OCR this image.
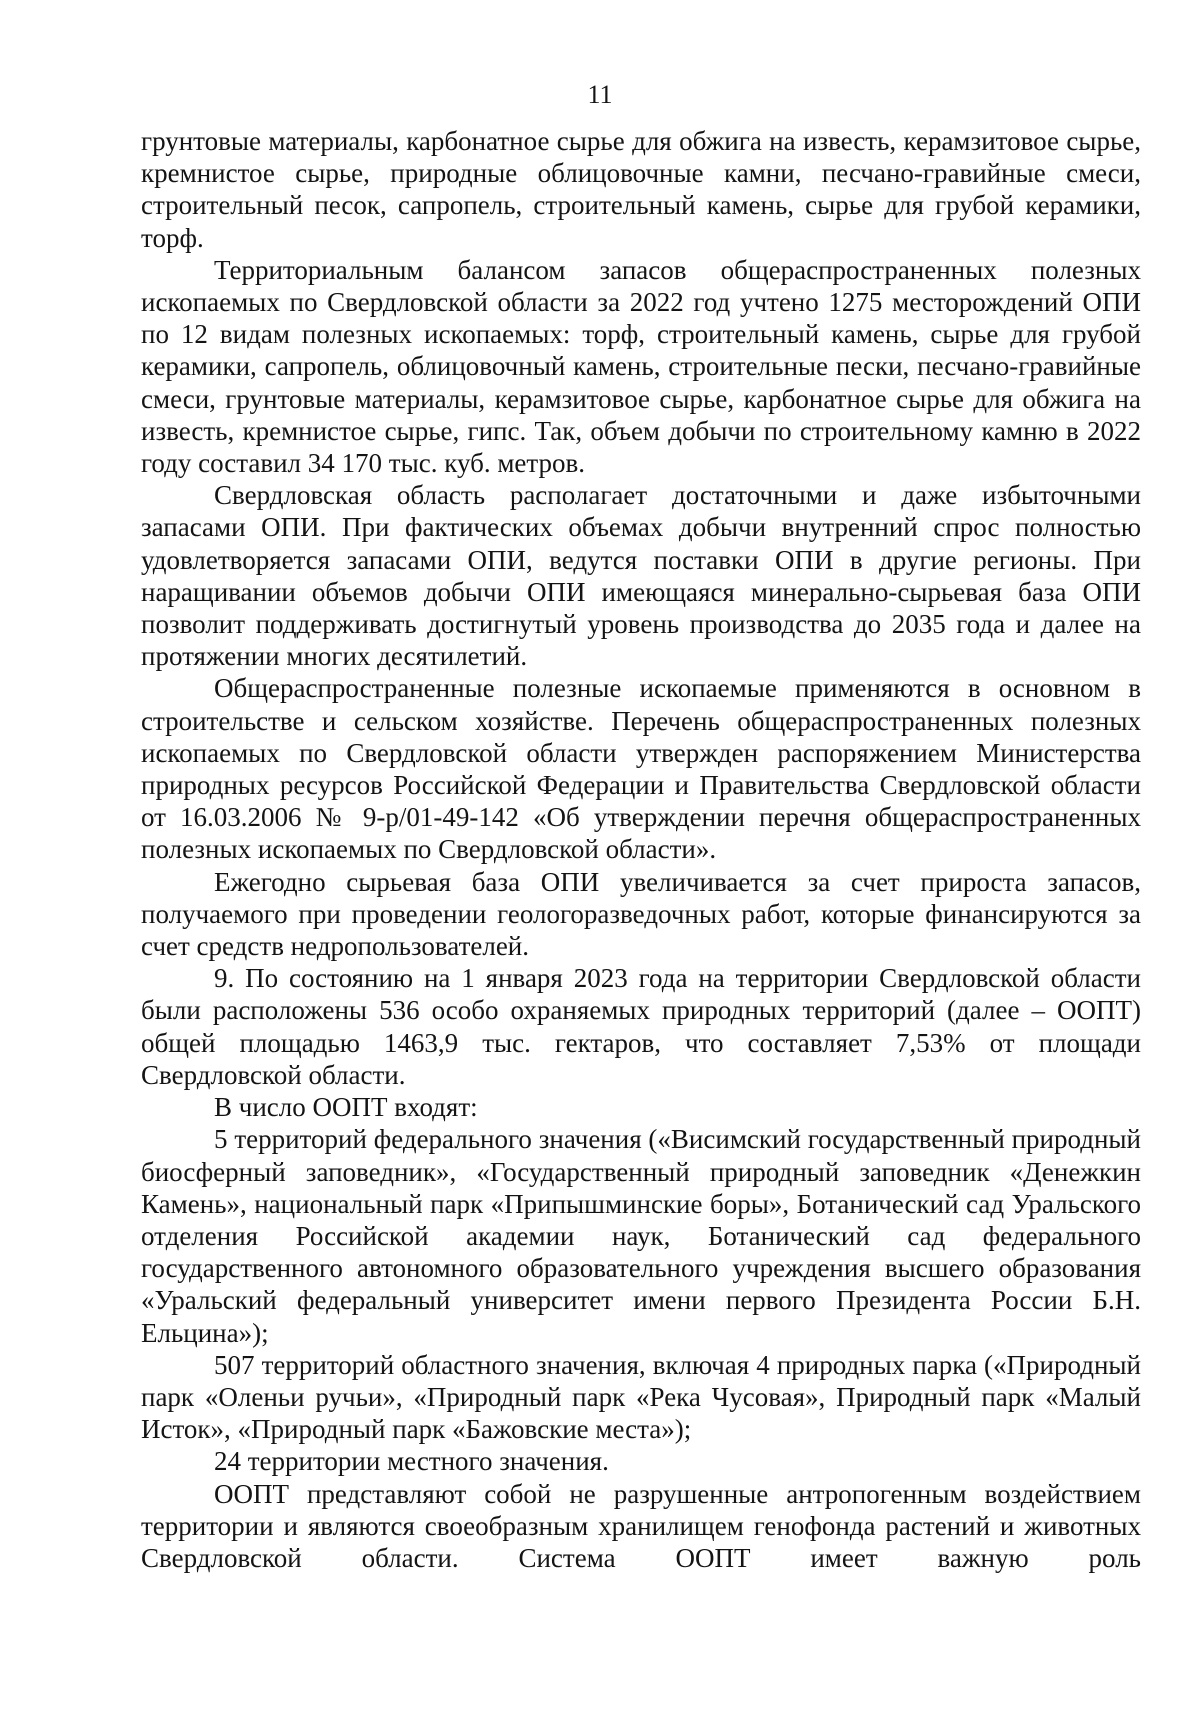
11

грунтовые материалы, карбонатное сырье для обжига на известь, керамзитовое сырье, кремнистое сырье, природные облицовочные камни, песчано-гравийные смеси, строительный песок, сапропель, строительный камень, сырье для грубой керамики, торф.

Территориальным балансом запасов общераспространенных полезных ископаемых по Свердловской области за 2022 год учтено 1275 месторождений ОПИ по 12 видам полезных ископаемых: торф, строительный камень, сырье для грубой керамики, сапропель, облицовочный камень, строительные пески, песчано-гравийные смеси, грунтовые материалы, керамзитовое сырье, карбонатное сырье для обжига на известь, кремнистое сырье, гипс. Так, объем добычи по строительному камню в 2022 году составил 34 170 тыс. куб. метров.

Свердловская область располагает достаточными и даже избыточными запасами ОПИ. При фактических объемах добычи внутренний спрос полностью удовлетворяется запасами ОПИ, ведутся поставки ОПИ в другие регионы. При наращивании объемов добычи ОПИ имеющаяся минерально-сырьевая база ОПИ позволит поддерживать достигнутый уровень производства до 2035 года и далее на протяжении многих десятилетий.

Общераспространенные полезные ископаемые применяются в основном в строительстве и сельском хозяйстве. Перечень общераспространенных полезных ископаемых по Свердловской области утвержден распоряжением Министерства природных ресурсов Российской Федерации и Правительства Свердловской области от 16.03.2006 № 9-р/01-49-142 «Об утверждении перечня общераспространенных полезных ископаемых по Свердловской области».

Ежегодно сырьевая база ОПИ увеличивается за счет прироста запасов, получаемого при проведении геологоразведочных работ, которые финансируются за счет средств недропользователей.

9. По состоянию на 1 января 2023 года на территории Свердловской области были расположены 536 особо охраняемых природных территорий (далее – ООПТ) общей площадью 1463,9 тыс. гектаров, что составляет 7,53% от площади Свердловской области.

В число ООПТ входят:

5 территорий федерального значения («Висимский государственный природный биосферный заповедник», «Государственный природный заповедник «Денежкин Камень», национальный парк «Припышминские боры», Ботанический сад Уральского отделения Российской академии наук, Ботанический сад федерального государственного автономного образовательного учреждения высшего образования «Уральский федеральный университет имени первого Президента России Б.Н. Ельцина»);

507 территорий областного значения, включая 4 природных парка («Природный парк «Оленьи ручьи», «Природный парк «Река Чусовая», Природный парк «Малый Исток», «Природный парк «Бажовские места»);

24 территории местного значения.

ООПТ представляют собой не разрушенные антропогенным воздействием территории и являются своеобразным хранилищем генофонда растений и животных Свердловской области. Система ООПТ имеет важную роль
